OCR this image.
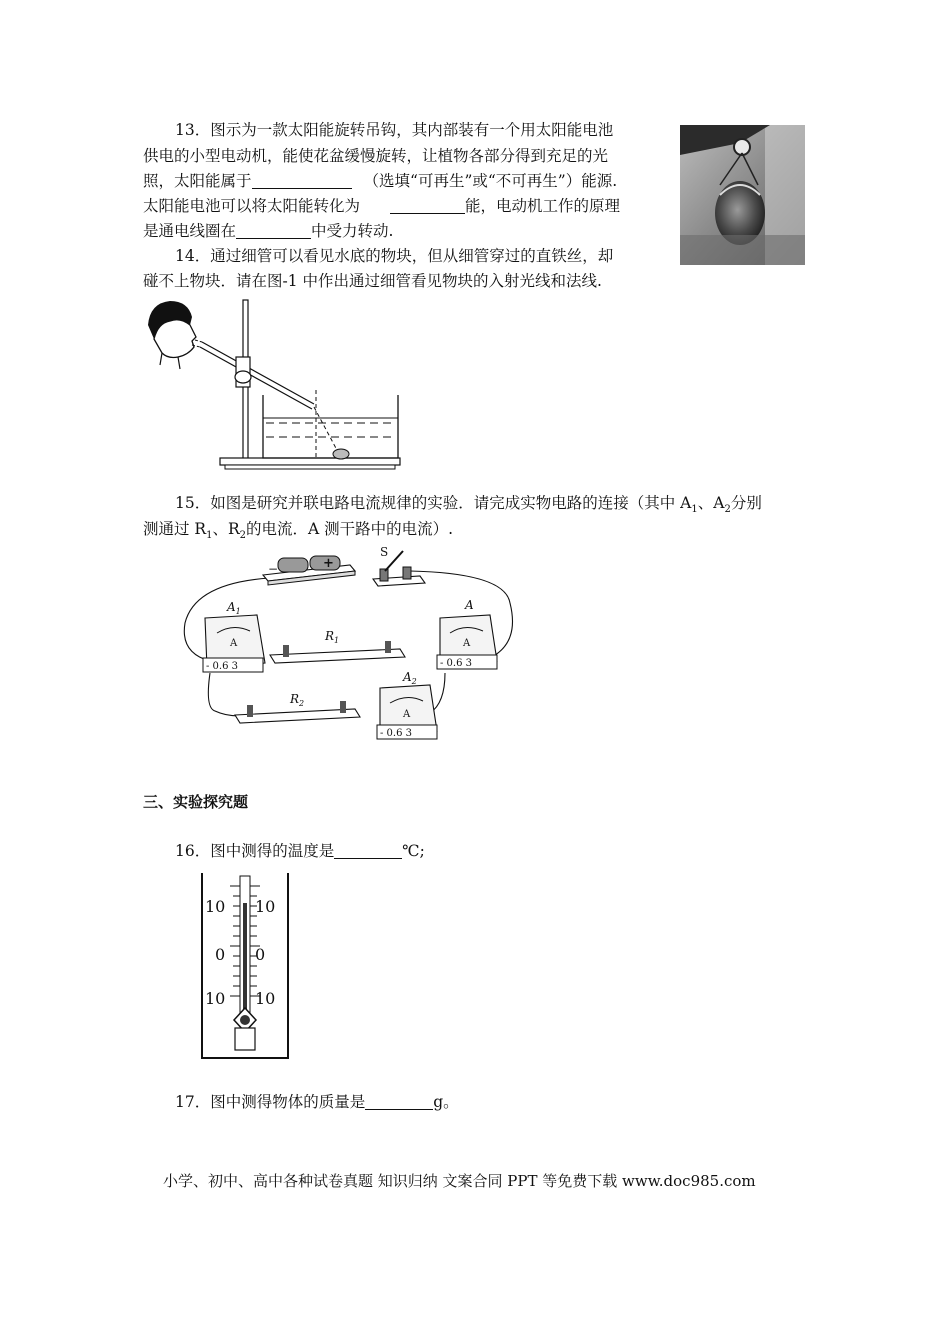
13．图示为一款太阳能旋转吊钩，其内部装有一个用太阳能电池
供电的小型电动机，能使花盆缓慢旋转，让植物各部分得到充足的光
照，太阳能属于	（选填“可再生”或“不可再生”）能源.
太阳能电池可以将太阳能转化为	能，电动机工作的原理
是通电线圈在	中受力转动.
14．通过细管可以看见水底的物块，但从细管穿过的直铁丝，却
碰不上物块．请在图-1 中作出通过细管看见物块的入射光线和法线.
15．如图是研究并联电路电流规律的实验．请完成实物电路的连接（其中 $A_1$、$A_2$分别
测通过 $R_1$、$R_2$的电流．A 测干路中的电流）.
−	+
S
A
- 0.6 3
$A_1$
$R_1$	A
- 0.6 3
A
$R_2$
A
- 0.6 3
$A_2$
三、实验探究题
16．图中测得的温度是	℃;
10
0
10
10
0
10
17．图中测得物体的质量是	g。
小学、初中、高中各种试卷真题 知识归纳 文案合同 PPT 等免费下载 www.doc985.com
